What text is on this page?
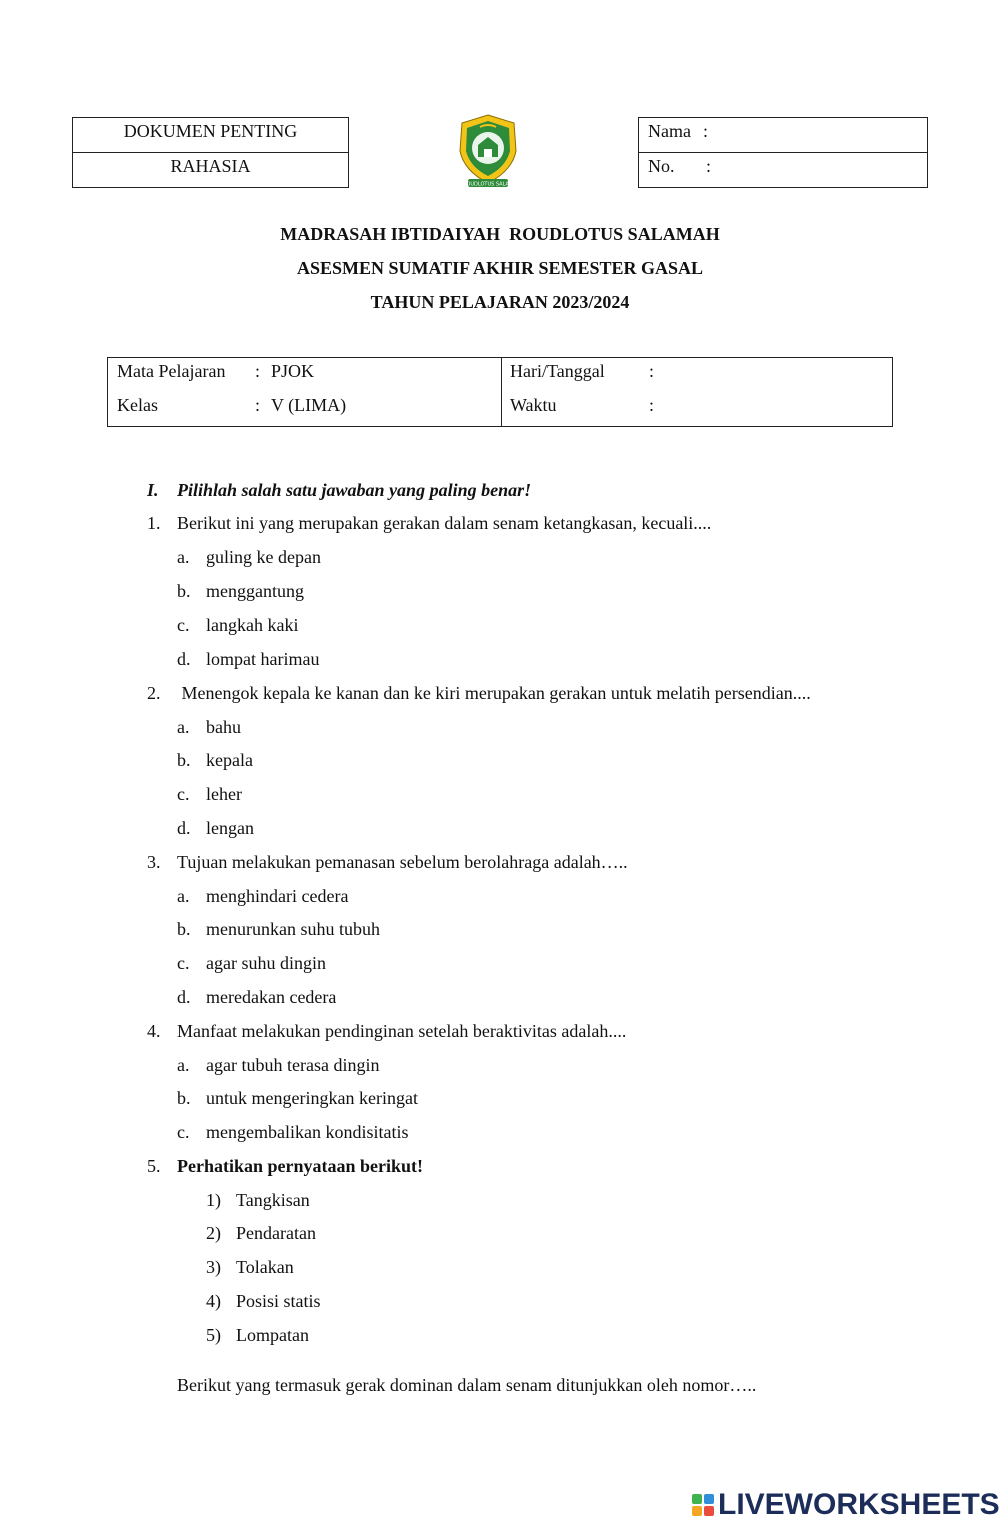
DOKUMEN PENTING
RAHASIA
MI ROUDLOTUS SALAMAH
Nama :
No. :
MADRASAH IBTIDAIYAH  ROUDLOTUS SALAMAH
ASESMEN SUMATIF AKHIR SEMESTER GASAL
TAHUN PELAJARAN 2023/2024
Mata Pelajaran : PJOK
Kelas	: V (LIMA)
Hari/Tanggal :
Waktu	:
I. Pilihlah salah satu jawaban yang paling benar!
1. Berikut ini yang merupakan gerakan dalam senam ketangkasan, kecuali....
a. guling ke depan
b. menggantung
c. langkah kaki
d. lompat harimau
2. Menengok kepala ke kanan dan ke kiri merupakan gerakan untuk melatih persendian....
a. bahu
b. kepala
c. leher
d. lengan
3. Tujuan melakukan pemanasan sebelum berolahraga adalah…..
a. menghindari cedera
b. menurunkan suhu tubuh
c. agar suhu dingin
d. meredakan cedera
4. Manfaat melakukan pendinginan setelah beraktivitas adalah....
a. agar tubuh terasa dingin
b. untuk mengeringkan keringat
c. mengembalikan kondisitatis
5. Perhatikan pernyataan berikut!
1) Tangkisan
2) Pendaratan
3) Tolakan
4) Posisi statis
5) Lompatan
Berikut yang termasuk gerak dominan dalam senam ditunjukkan oleh nomor…..
LIVEWORKSHEETS
